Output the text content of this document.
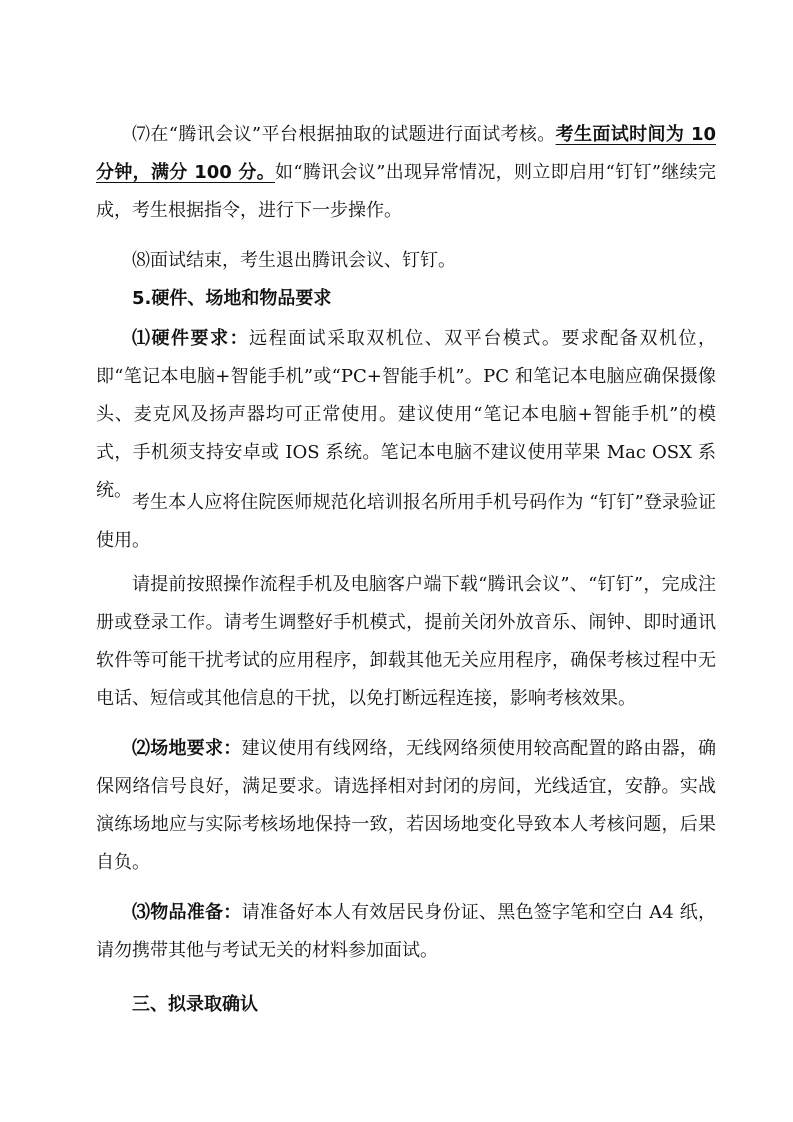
⑺在“腾讯会议”平台根据抽取的试题进行面试考核。考生面试时间为 10 分钟，满分 100 分。如“腾讯会议”出现异常情况，则立即启用“钉钉”继续完成，考生根据指令，进行下一步操作。

⑻面试结束，考生退出腾讯会议、钉钉。

5.硬件、场地和物品要求

⑴硬件要求：远程面试采取双机位、双平台模式。要求配备双机位，即“笔记本电脑+智能手机”或“PC+智能手机”。PC 和笔记本电脑应确保摄像头、麦克风及扬声器均可正常使用。建议使用“笔记本电脑+智能手机”的模式，手机须支持安卓或 IOS 系统。笔记本电脑不建议使用苹果 Mac OSX 系统。

考生本人应将住院医师规范化培训报名所用手机号码作为 “钉钉”登录验证使用。

请提前按照操作流程手机及电脑客户端下载“腾讯会议”、“钉钉”，完成注册或登录工作。请考生调整好手机模式，提前关闭外放音乐、闹钟、即时通讯软件等可能干扰考试的应用程序，卸载其他无关应用程序，确保考核过程中无电话、短信或其他信息的干扰，以免打断远程连接，影响考核效果。

⑵场地要求：建议使用有线网络，无线网络须使用较高配置的路由器，确保网络信号良好，满足要求。请选择相对封闭的房间，光线适宜，安静。实战演练场地应与实际考核场地保持一致，若因场地变化导致本人考核问题，后果自负。

⑶物品准备：请准备好本人有效居民身份证、黑色签字笔和空白 A4 纸，请勿携带其他与考试无关的材料参加面试。

三、拟录取确认
